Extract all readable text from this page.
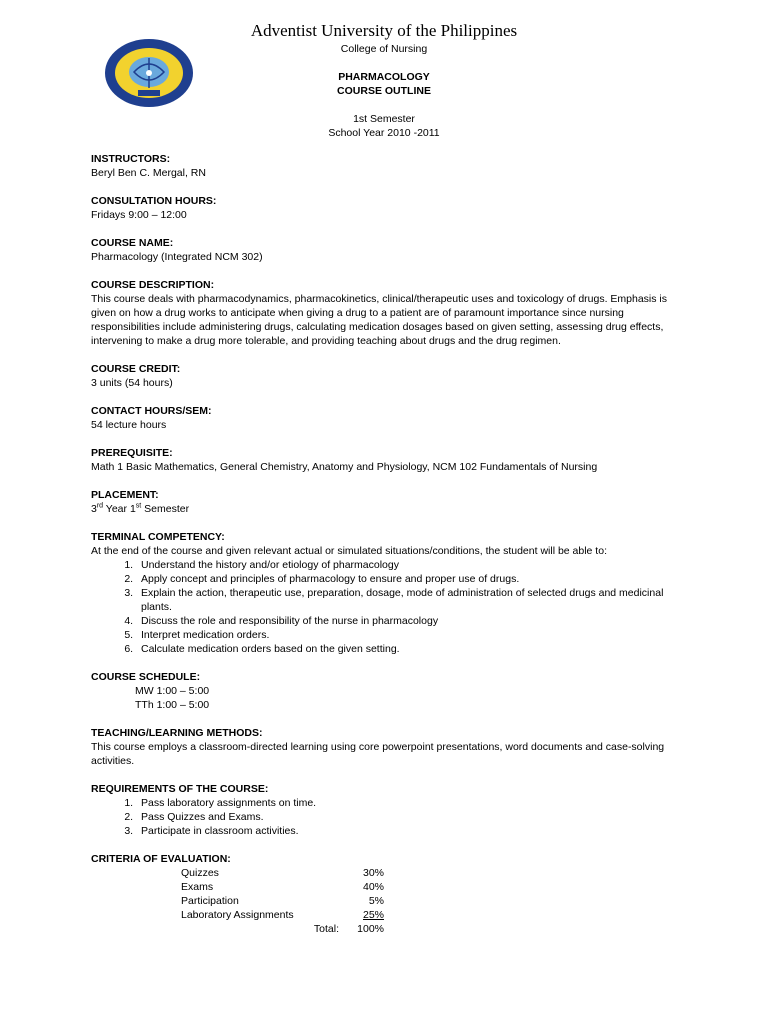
Adventist University of the Philippines
College of Nursing
PHARMACOLOGY
COURSE OUTLINE
1st Semester
School Year 2010 -2011
INSTRUCTORS:
Beryl Ben C. Mergal, RN
CONSULTATION HOURS:
Fridays 9:00 – 12:00
COURSE NAME:
Pharmacology (Integrated NCM 302)
COURSE DESCRIPTION:

This course deals with pharmacodynamics, pharmacokinetics, clinical/therapeutic uses and toxicology of drugs. Emphasis is given on how a drug works to anticipate when giving a drug to a patient are of paramount importance since nursing responsibilities include administering drugs, calculating medication dosages based on given setting, assessing drug effects, intervening to make a drug more tolerable, and providing teaching about drugs and the drug regimen.

COURSE CREDIT:
3 units (54 hours)
CONTACT HOURS/SEM:
54 lecture hours
PREREQUISITE:
Math 1 Basic Mathematics, General Chemistry, Anatomy and Physiology, NCM 102 Fundamentals of Nursing
PLACEMENT:
3rd Year 1st Semester
TERMINAL COMPETENCY:

At the end of the course and given relevant actual or simulated situations/conditions, the student will be able to:

1. Understand the history and/or etiology of pharmacology
2. Apply concept and principles of pharmacology to ensure and proper use of drugs.
3. Explain the action, therapeutic use, preparation, dosage, mode of administration of selected drugs and medicinal plants.
4. Discuss the role and responsibility of the nurse in pharmacology
5. Interpret medication orders.
6. Calculate medication orders based on the given setting.
COURSE SCHEDULE:
MW 1:00 – 5:00
TTh 1:00 – 5:00
TEACHING/LEARNING METHODS:

This course employs a classroom-directed learning using core powerpoint presentations, word documents and case-solving activities.

REQUIREMENTS OF THE COURSE:
1. Pass laboratory assignments on time.
2. Pass Quizzes and Exams.
3. Participate in classroom activities.
CRITERIA OF EVALUATION:
Quizzes	30%
Exams	40%
Participation	5%
Laboratory Assignments	25%
Total:	100%
